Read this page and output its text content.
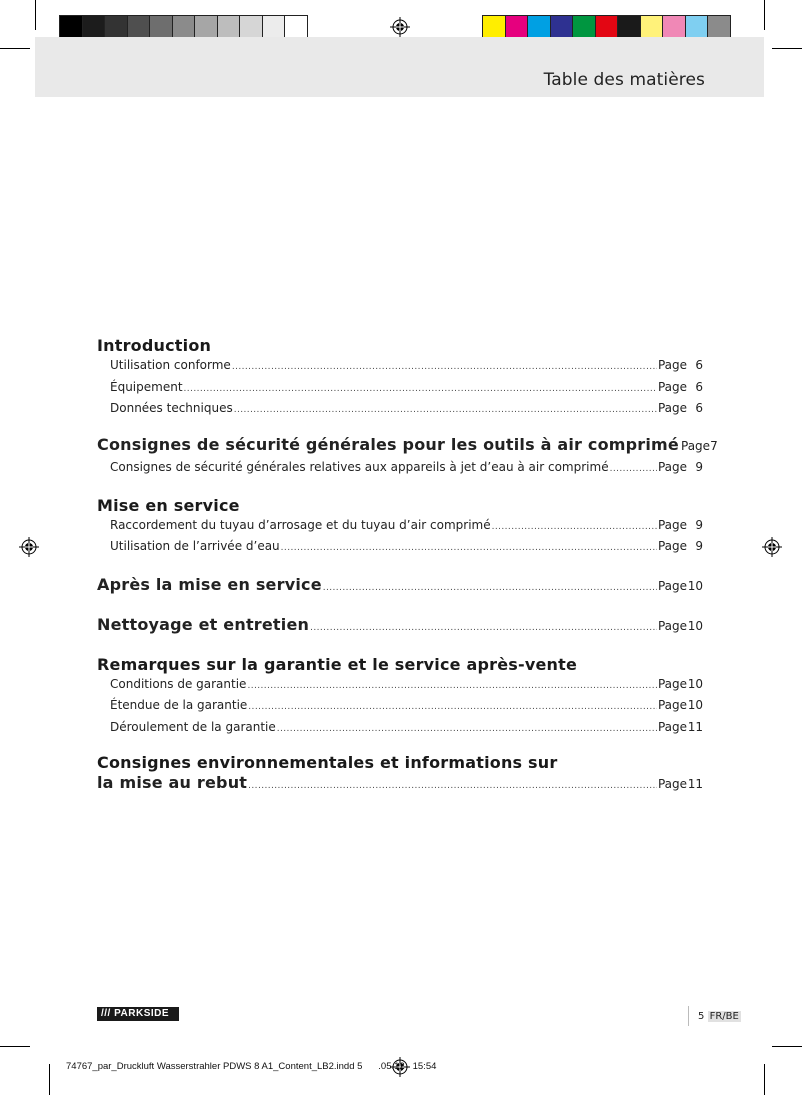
Table des matières
Introduction
Utilisation conforme .....	Page 6
Équipement .....	Page 6
Données techniques .....	Page 6
Consignes de sécurité générales pour les outils à air comprimé Page 7
Consignes de sécurité générales relatives aux appareils à jet d’eau à air comprimé .....	Page 9
Mise en service
Raccordement du tuyau d’arrosage et du tuyau d’air comprimé .....	Page 9
Utilisation de l’arrivée d’eau .....	Page 9
Après la mise en service .....	Page 10
Nettoyage et entretien .....	Page 10
Remarques sur la garantie et le service après-vente
Conditions de garantie .....	Page 10
Étendue de la garantie .....	Page 10
Déroulement de la garantie .....	Page 11
Consignes environnementales et informations sur
la mise au rebut .....	Page 11
/// PARKSIDE	5 FR/BE
74767_par_Druckluft Wasserstrahler PDWS 8 A1_Content_LB2.indd 5 .05.12 15:54
